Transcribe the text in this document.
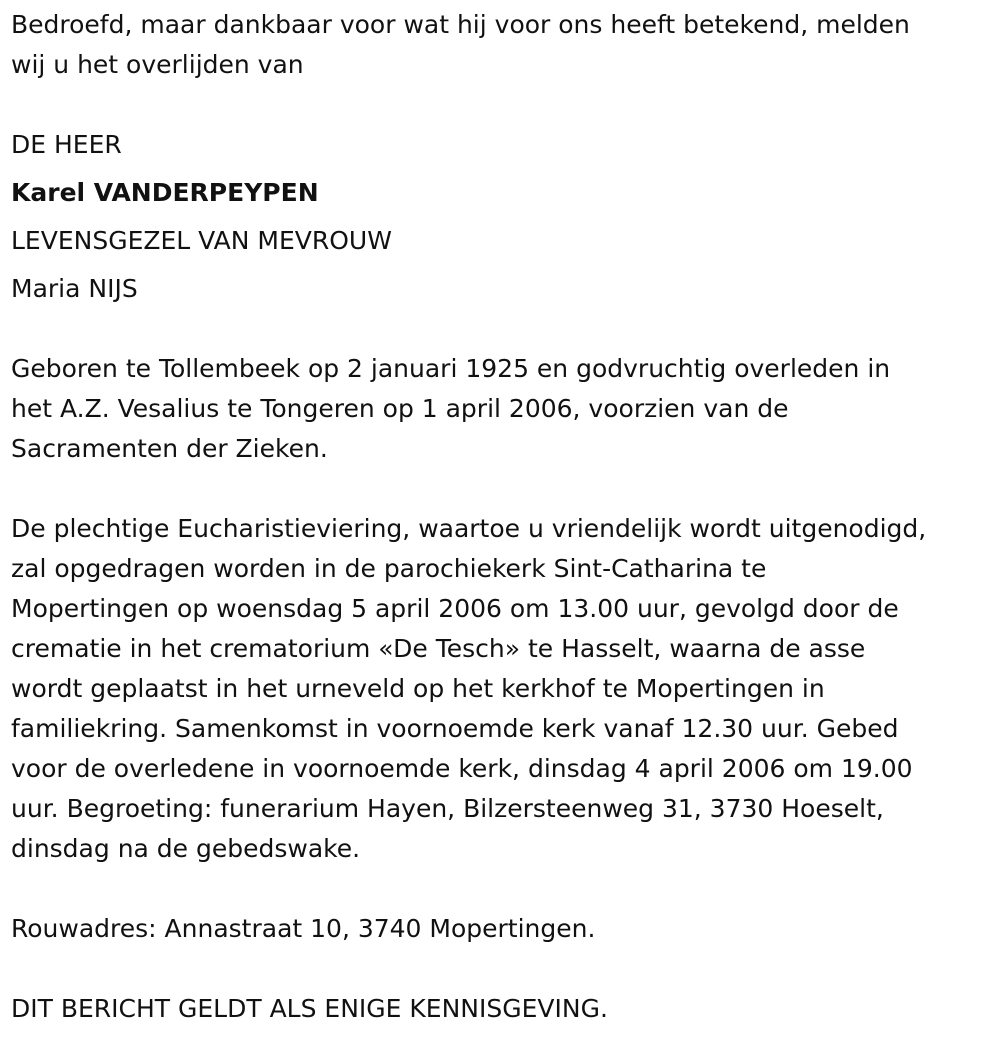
Bedroefd, maar dankbaar voor wat hij voor ons heeft betekend, melden
wij u het overlijden van
DE HEER
Karel VANDERPEYPEN
LEVENSGEZEL VAN MEVROUW
Maria NIJS
Geboren te Tollembeek op 2 januari 1925 en godvruchtig overleden in
het A.Z. Vesalius te Tongeren op 1 april 2006, voorzien van de
Sacramenten der Zieken.
De plechtige Eucharistieviering, waartoe u vriendelijk wordt uitgenodigd,
zal opgedragen worden in de parochiekerk Sint-Catharina te
Mopertingen op woensdag 5 april 2006 om 13.00 uur, gevolgd door de
crematie in het crematorium «De Tesch» te Hasselt, waarna de asse
wordt geplaatst in het urneveld op het kerkhof te Mopertingen in
familiekring. Samenkomst in voornoemde kerk vanaf 12.30 uur. Gebed
voor de overledene in voornoemde kerk, dinsdag 4 april 2006 om 19.00
uur. Begroeting: funerarium Hayen, Bilzersteenweg 31, 3730 Hoeselt,
dinsdag na de gebedswake.
Rouwadres: Annastraat 10, 3740 Mopertingen.
DIT BERICHT GELDT ALS ENIGE KENNISGEVING.
